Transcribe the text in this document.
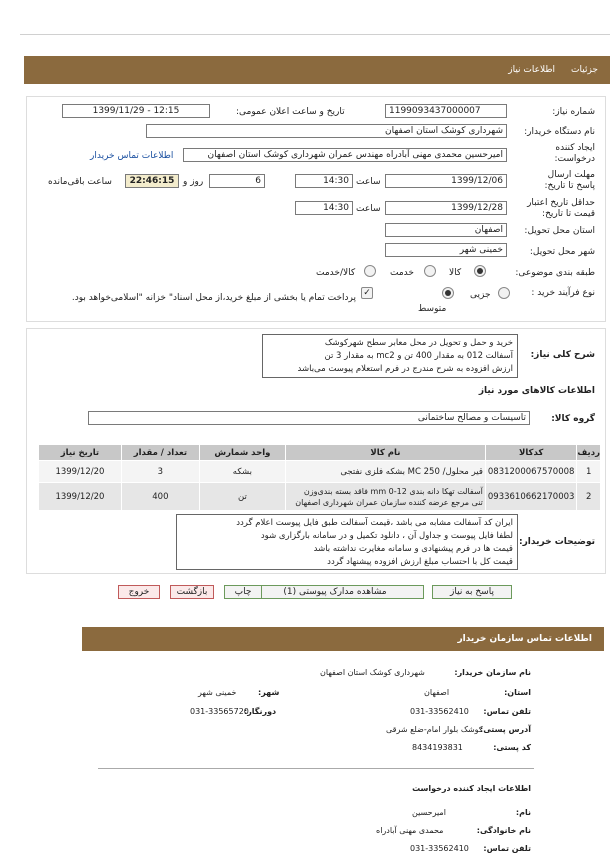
جزئیات
اطلاعات نیاز
شماره نیاز:
1199093437000007
تاریخ و ساعت اعلان عمومی:
1399/11/29 - 12:15
نام دستگاه خریدار:
شهرداری کوشک استان اصفهان
ایجاد کننده درخواست:
امیرحسین محمدی مهنی آبادراه مهندس عمران شهرداری کوشک استان اصفهان
اطلاعات تماس خریدار
مهلت ارسال پاسخ تا تاریخ:
1399/12/06
ساعت
14:30
6
روز و
22:46:15
ساعت باقی‌مانده
حداقل تاریخ اعتبار قیمت تا تاریخ:
1399/12/28
ساعت
14:30
استان محل تحویل:
اصفهان
شهر محل تحویل:
خمینی شهر
طبقه بندی موضوعی:
کالا
خدمت
کالا/خدمت
نوع فرآیند خرید :
جزیی
متوسط
✓
پرداخت تمام یا بخشی از مبلغ خرید،از محل اسناد" خزانه "اسلامی‌خواهد بود.
شرح کلی نیاز:
خرید و حمل و تحویل در محل معابر سطح شهرکوشک
آسفالت 012 به مقدار 400 تن و mc2 به مقدار 3 تن
ارزش افزوده به شرح مندرج در فرم استعلام پیوست می‌باشد
اطلاعات کالاهای مورد نیاز
گروه کالا:
تاسیسات و مصالح ساختمانی
ردیف	کدکالا	نام کالا	واحد شمارش	تعداد / مقدار	تاریخ نیاز
1	0831200067570008	قیر محلول/ MC 250 بشکه فلزی نفتجی	بشکه	3	1399/12/20
2	0933610662170003	آسفالت تهکا دانه بندی 12-0 mm فاقد بسته بندی‌وزن
تنی مرجع عرضه کننده سازمان عمران شهرداری اصفهان	تن	400	1399/12/20
توضیحات خریدار:
ایران کد آسفالت مشابه می باشد ،قیمت آسفالت طبق فایل پیوست اعلام گردد
لطفا فایل پیوست و جداول آن ، دانلود تکمیل و در سامانه بارگزاری شود
قیمت ها در فرم پیشنهادی و سامانه مغایرت نداشته باشد
قیمت کل با احتساب مبلغ ارزش افزوده پیشنهاد گردد
پاسخ به نیاز
مشاهده مدارک پیوستی (1)
چاپ
بازگشت
خروج
اطلاعات تماس سازمان خریدار
نام سازمان خریدار:
شهرداری کوشک استان اصفهان
استان:
اصفهان
شهر:
خمینی شهر
تلفن تماس:
031-33562410
دورنگار:
031-33565720
آدرس پستی:
کوشک بلوار امام-ضلع شرقی
کد پستی:
8434193831
اطلاعات ایجاد کننده درخواست
نام:
امیرحسین
نام خانوادگی:
محمدی مهنی آبادراه
تلفن تماس:
031-33562410
